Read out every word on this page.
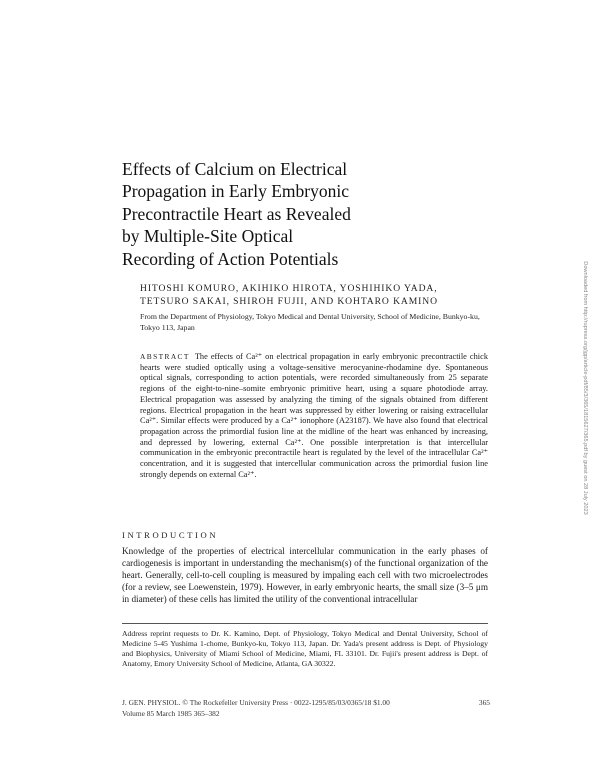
Effects of Calcium on Electrical
Propagation in Early Embryonic
Precontractile Heart as Revealed
by Multiple-Site Optical
Recording of Action Potentials
HITOSHI KOMURO, AKIHIKO HIROTA, YOSHIHIKO YADA,
TETSURO SAKAI, SHIROH FUJII, AND KOHTARO KAMINO
From the Department of Physiology, Tokyo Medical and Dental University, School of Medicine, Bunkyo-ku, Tokyo 113, Japan
ABSTRACT The effects of Ca²⁺ on electrical propagation in early embryonic precontractile chick hearts were studied optically using a voltage-sensitive merocyanine-rhodamine dye. Spontaneous optical signals, corresponding to action potentials, were recorded simultaneously from 25 separate regions of the eight-to-nine–somite embryonic primitive heart, using a square photodiode array. Electrical propagation was assessed by analyzing the timing of the signals obtained from different regions. Electrical propagation in the heart was suppressed by either lowering or raising extracellular Ca²⁺. Similar effects were produced by a Ca²⁺ ionophore (A23187). We have also found that electrical propagation across the primordial fusion line at the midline of the heart was enhanced by increasing, and depressed by lowering, external Ca²⁺. One possible interpretation is that intercellular communication in the embryonic precontractile heart is regulated by the level of the intracellular Ca²⁺ concentration, and it is suggested that intercellular communication across the primordial fusion line strongly depends on external Ca²⁺.
INTRODUCTION
Knowledge of the properties of electrical intercellular communication in the early phases of cardiogenesis is important in understanding the mechanism(s) of the functional organization of the heart. Generally, cell-to-cell coupling is measured by impaling each cell with two microelectrodes (for a review, see Loewenstein, 1979). However, in early embryonic hearts, the small size (3–5 μm in diameter) of these cells has limited the utility of the conventional intracellular
Address reprint requests to Dr. K. Kamino, Dept. of Physiology, Tokyo Medical and Dental University, School of Medicine 5-45 Yushima 1-chome, Bunkyo-ku, Tokyo 113, Japan. Dr. Yada's present address is Dept. of Physiology and Biophysics, University of Miami School of Medicine, Miami, FL 33101. Dr. Fujii's present address is Dept. of Anatomy, Emory University School of Medicine, Atlanta, GA 30322.
J. GEN. PHYSIOL. © The Rockefeller University Press · 0022-1295/85/03/0365/18 $1.00	365
Volume 85 March 1985 365–382
Downloaded from http://rupress.org/jgp/article-pdf/85/3/365/1815627/365.pdf by guest on 28 July 2023
